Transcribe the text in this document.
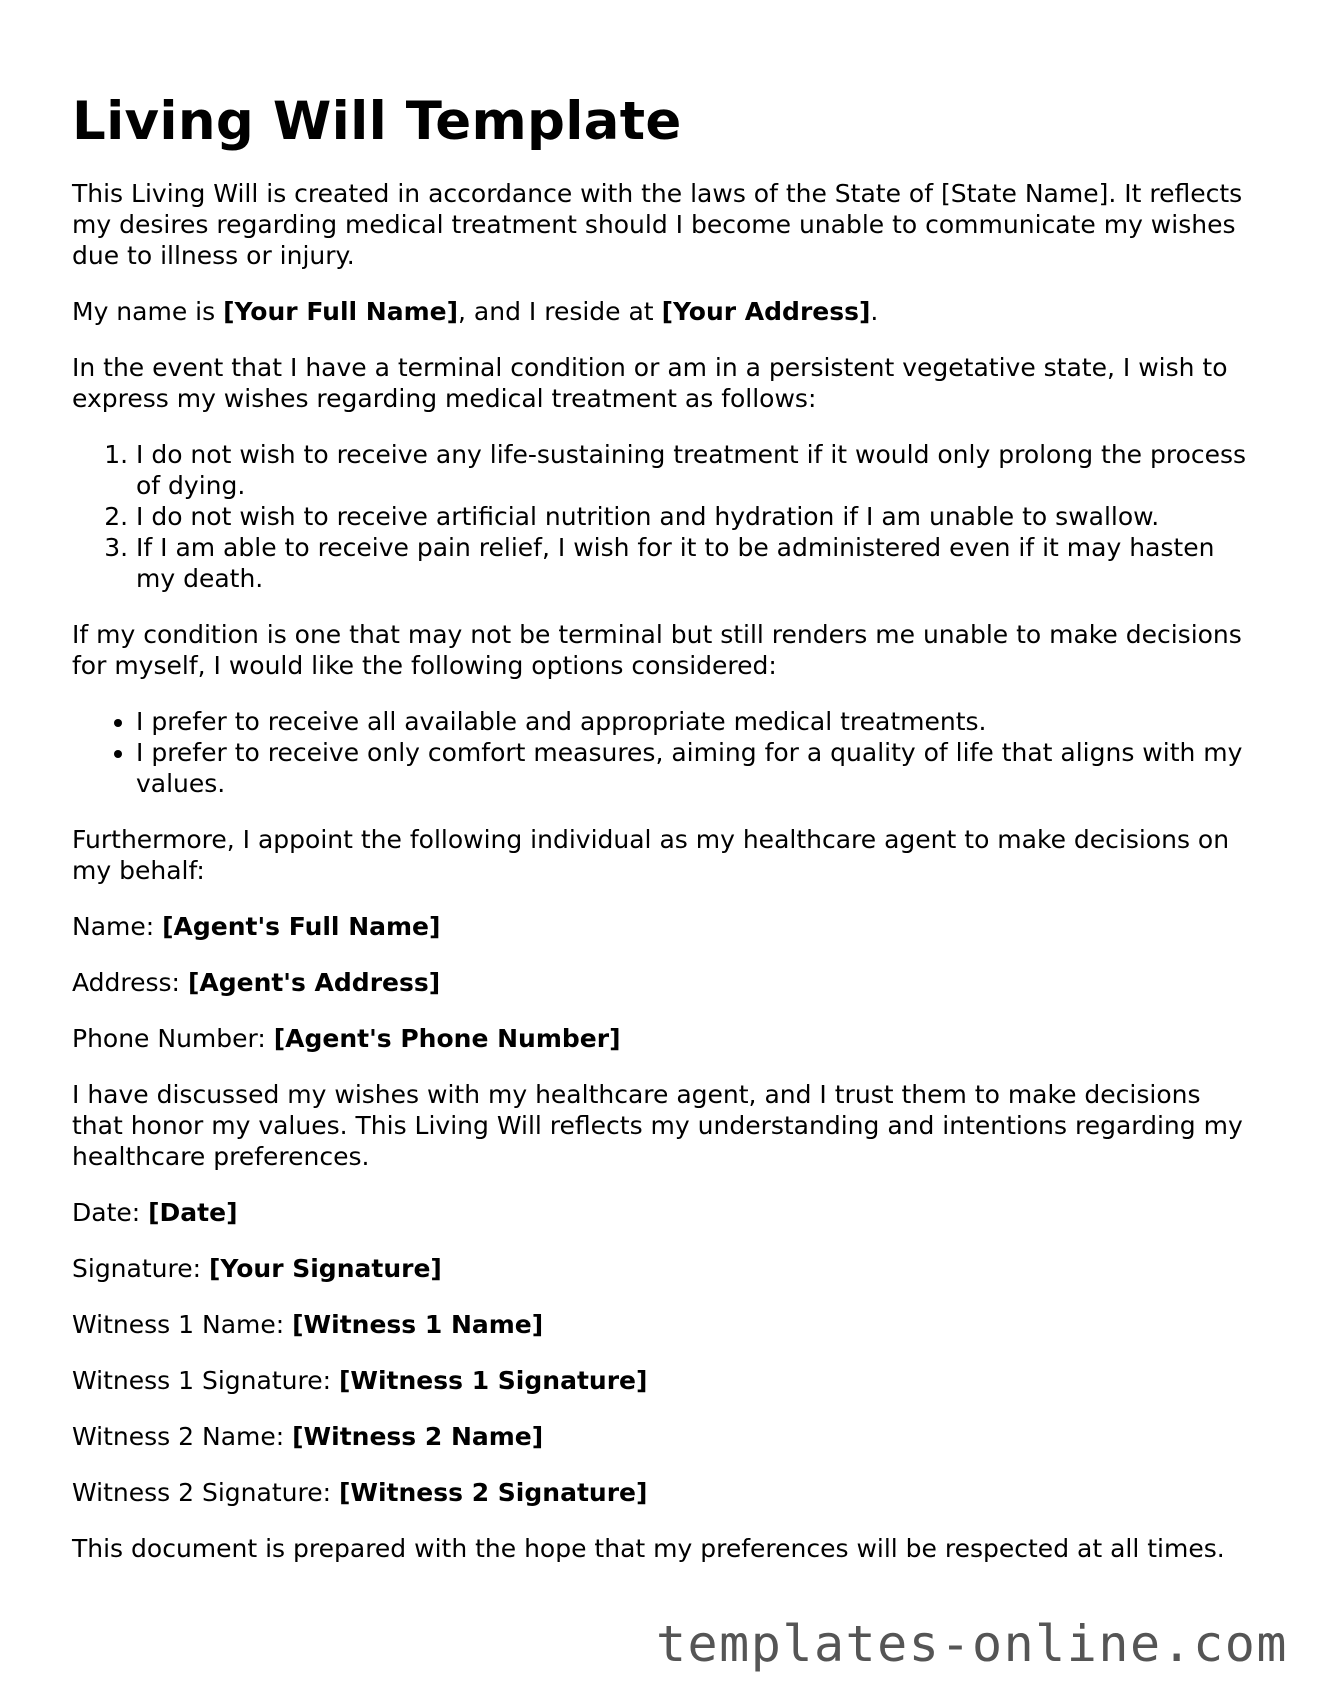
Living Will Template

This Living Will is created in accordance with the laws of the State of [State Name]. It reflects my desires regarding medical treatment should I become unable to communicate my wishes due to illness or injury.

My name is [Your Full Name], and I reside at [Your Address].

In the event that I have a terminal condition or am in a persistent vegetative state, I wish to express my wishes regarding medical treatment as follows:

1. I do not wish to receive any life-sustaining treatment if it would only prolong the process of dying.
2. I do not wish to receive artificial nutrition and hydration if I am unable to swallow.
3. If I am able to receive pain relief, I wish for it to be administered even if it may hasten my death.

If my condition is one that may not be terminal but still renders me unable to make decisions for myself, I would like the following options considered:

• I prefer to receive all available and appropriate medical treatments.
• I prefer to receive only comfort measures, aiming for a quality of life that aligns with my values.

Furthermore, I appoint the following individual as my healthcare agent to make decisions on my behalf:

Name: [Agent's Full Name]

Address: [Agent's Address]

Phone Number: [Agent's Phone Number]

I have discussed my wishes with my healthcare agent, and I trust them to make decisions that honor my values. This Living Will reflects my understanding and intentions regarding my healthcare preferences.

Date: [Date]

Signature: [Your Signature]

Witness 1 Name: [Witness 1 Name]

Witness 1 Signature: [Witness 1 Signature]

Witness 2 Name: [Witness 2 Name]

Witness 2 Signature: [Witness 2 Signature]

This document is prepared with the hope that my preferences will be respected at all times.

templates-online.com
